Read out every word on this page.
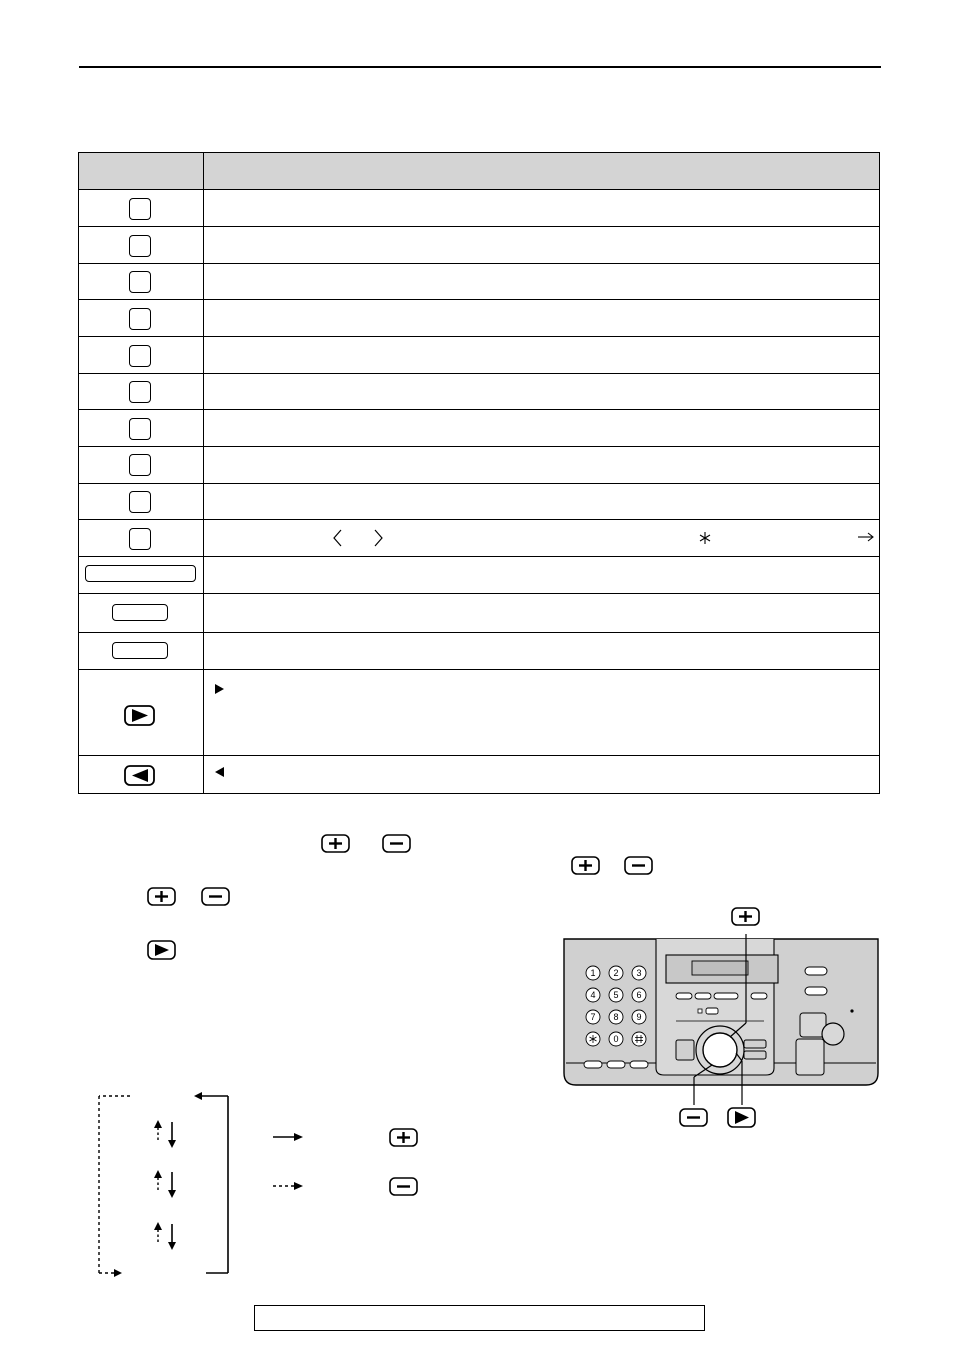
1 2 3
4 5 6
7 8 9
0
